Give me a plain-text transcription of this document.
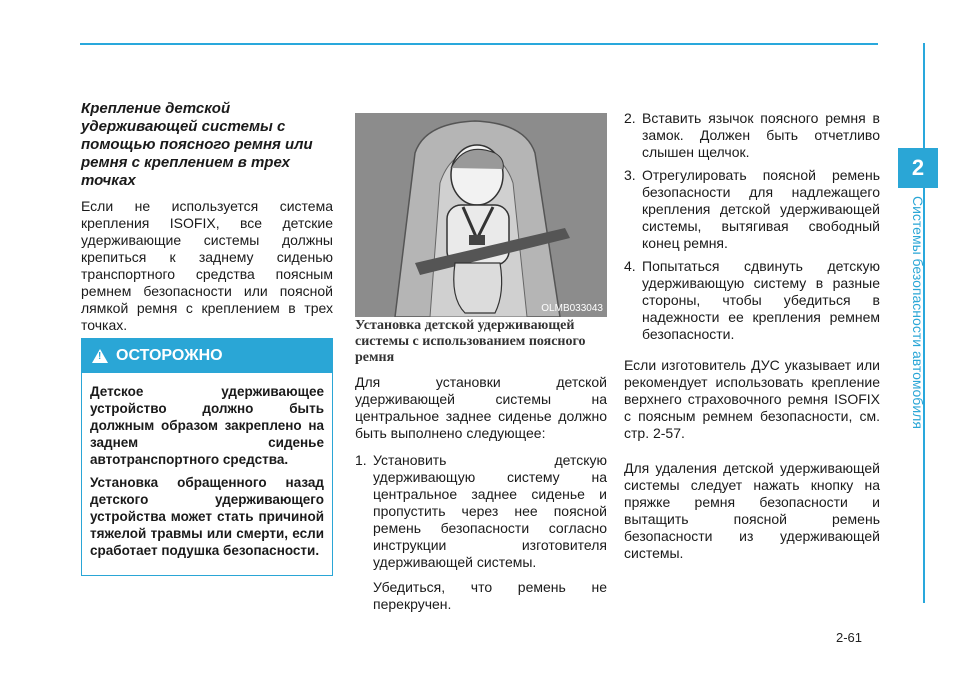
2
Системы безопасности автомобиля
Крепление детской удерживающей системы с помощью поясного ремня или ремня с креплением в трех точках

Если не используется система крепления ISOFIX, все детские удерживающие системы должны крепиться к заднему сиденью транспортного средства поясным ремнем безопасности или поясной лямкой ремня с креплением в трех точках.

!
ОСТОРОЖНО

Детское удерживающее устройство должно быть должным образом закреплено на заднем сиденье автотранспортного средства.

Установка обращенного назад детского удерживающего устройства может стать причиной тяжелой травмы или смерти, если сработает подушка безопасности.

OLMB033043
Установка детской удерживающей системы с использованием поясного ремня

Для установки детской удерживающей системы на центральное заднее сиденье должно быть выполнено следующее:

1. Установить детскую удерживающую систему на центральное заднее сиденье и пропустить через нее поясной ремень безопасности согласно инструкции изготовителя удерживающей системы.
Убедиться, что ремень не перекручен.
2. Вставить язычок поясного ремня в замок. Должен быть отчетливо слышен щелчок.
3. Отрегулировать поясной ремень безопасности для надлежащего крепления детской удерживающей системы, вытягивая свободный конец ремня.
4. Попытаться сдвинуть детскую удерживающую систему в разные стороны, чтобы убедиться в надежности ее крепления ремнем безопасности.

Если изготовитель ДУС указывает или рекомендует использовать крепление верхнего страховочного ремня ISOFIX с поясным ремнем безопасности, см. стр. 2-57.

Для удаления детской удерживающей системы следует нажать кнопку на пряжке ремня безопасности и вытащить поясной ремень безопасности из удерживающей системы.

2-61
